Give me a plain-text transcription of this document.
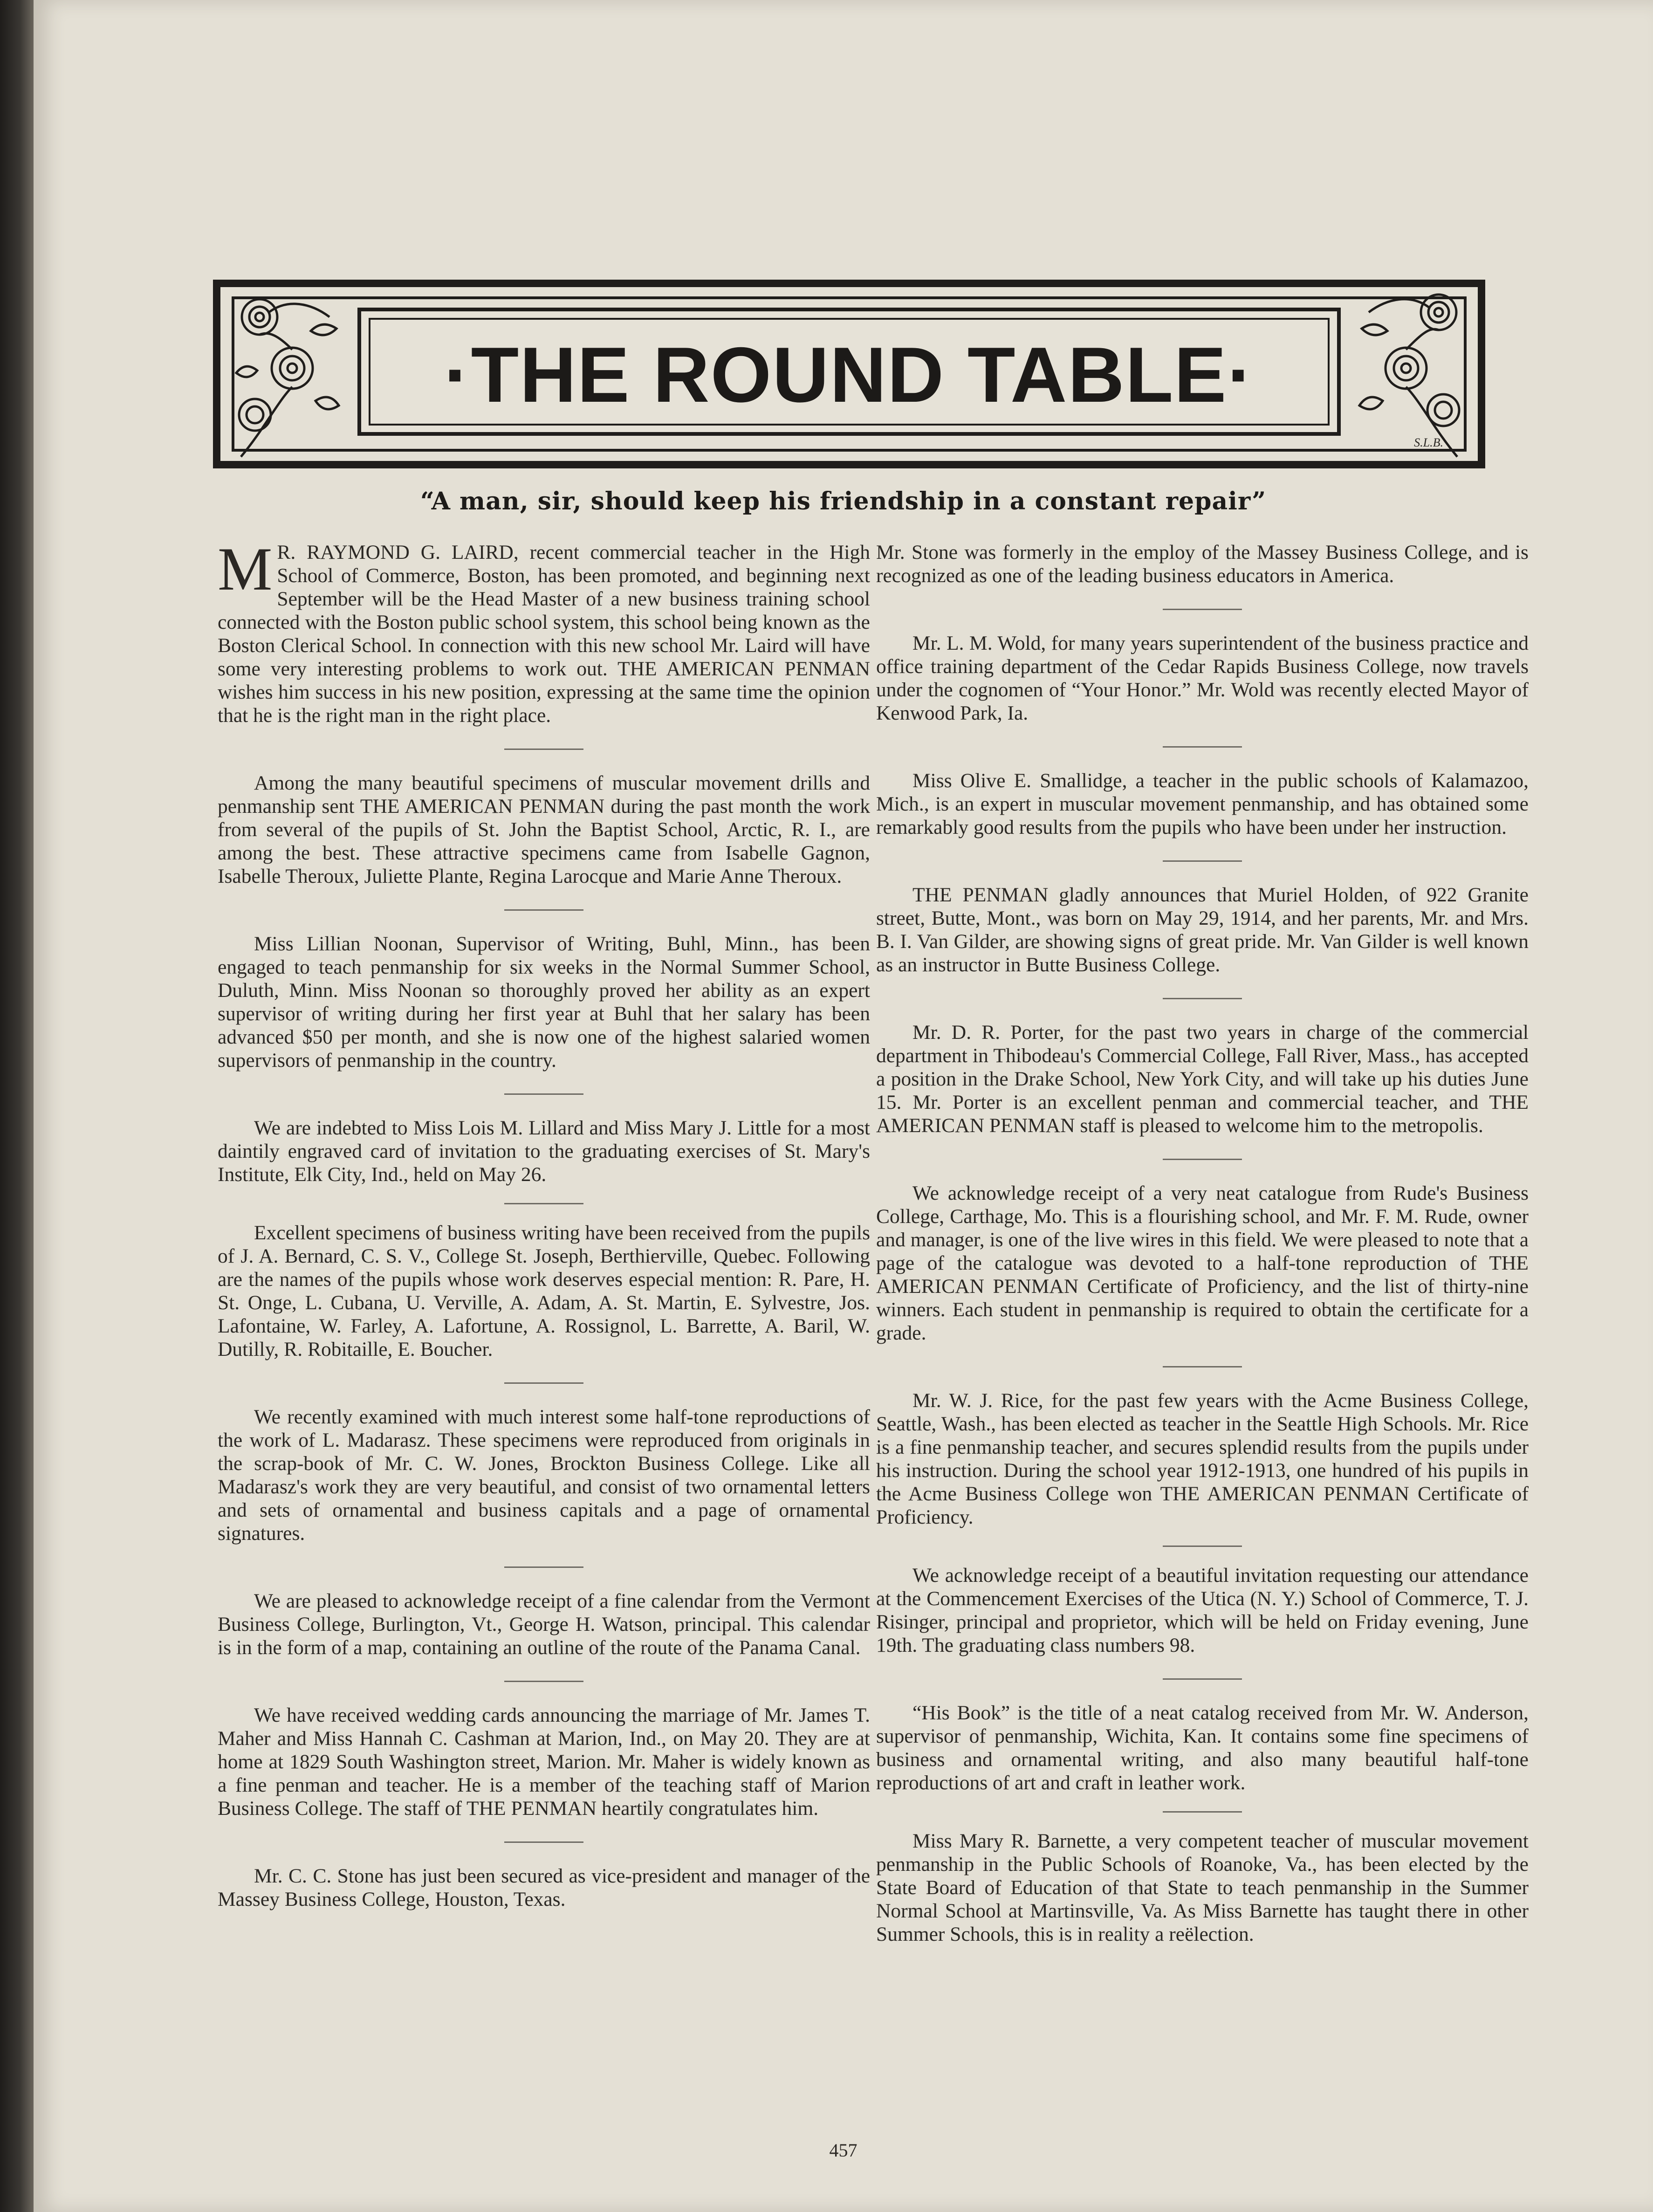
·THE ROUND TABLE·
S.L.B.
“A man, sir, should keep his friendship in a constant repair”

M R. RAYMOND G. LAIRD, recent commercial teacher in the High School of Commerce, Boston, has been promoted, and beginning next September will be the Head Master of a new business training school connected with the Boston public school system, this school being known as the Boston Clerical School. In connection with this new school Mr. Laird will have some very interesting problems to work out. THE AMERICAN PENMAN wishes him success in his new position, expressing at the same time the opinion that he is the right man in the right place.

Among the many beautiful specimens of muscular movement drills and penmanship sent THE AMERICAN PENMAN during the past month the work from several of the pupils of St. John the Baptist School, Arctic, R. I., are among the best. These attractive specimens came from Isabelle Gagnon, Isabelle Theroux, Juliette Plante, Regina Larocque and Marie Anne Theroux.

Miss Lillian Noonan, Supervisor of Writing, Buhl, Minn., has been engaged to teach penmanship for six weeks in the Normal Summer School, Duluth, Minn. Miss Noonan so thoroughly proved her ability as an expert supervisor of writing during her first year at Buhl that her salary has been advanced $50 per month, and she is now one of the highest salaried women supervisors of penmanship in the country.

We are indebted to Miss Lois M. Lillard and Miss Mary J. Little for a most daintily engraved card of invitation to the graduating exercises of St. Mary's Institute, Elk City, Ind., held on May 26.

Excellent specimens of business writing have been received from the pupils of J. A. Bernard, C. S. V., College St. Joseph, Berthierville, Quebec. Following are the names of the pupils whose work deserves especial mention: R. Pare, H. St. Onge, L. Cubana, U. Verville, A. Adam, A. St. Martin, E. Sylvestre, Jos. Lafontaine, W. Farley, A. Lafortune, A. Rossignol, L. Barrette, A. Baril, W. Dutilly, R. Robitaille, E. Boucher.

We recently examined with much interest some half-tone reproductions of the work of L. Madarasz. These specimens were reproduced from originals in the scrap-book of Mr. C. W. Jones, Brockton Business College. Like all Madarasz's work they are very beautiful, and consist of two ornamental letters and sets of ornamental and business capitals and a page of ornamental signatures.

We are pleased to acknowledge receipt of a fine calendar from the Vermont Business College, Burlington, Vt., George H. Watson, principal. This calendar is in the form of a map, containing an outline of the route of the Panama Canal.

We have received wedding cards announcing the marriage of Mr. James T. Maher and Miss Hannah C. Cashman at Marion, Ind., on May 20. They are at home at 1829 South Washington street, Marion. Mr. Maher is widely known as a fine penman and teacher. He is a member of the teaching staff of Marion Business College. The staff of THE PENMAN heartily congratulates him.

Mr. C. C. Stone has just been secured as vice-president and manager of the Massey Business College, Houston, Texas.

Mr. Stone was formerly in the employ of the Massey Business College, and is recognized as one of the leading business educators in America.

Mr. L. M. Wold, for many years superintendent of the business practice and office training department of the Cedar Rapids Business College, now travels under the cognomen of “Your Honor.” Mr. Wold was recently elected Mayor of Kenwood Park, Ia.

Miss Olive E. Smallidge, a teacher in the public schools of Kalamazoo, Mich., is an expert in muscular movement penmanship, and has obtained some remarkably good results from the pupils who have been under her instruction.

THE PENMAN gladly announces that Muriel Holden, of 922 Granite street, Butte, Mont., was born on May 29, 1914, and her parents, Mr. and Mrs. B. I. Van Gilder, are showing signs of great pride. Mr. Van Gilder is well known as an instructor in Butte Business College.

Mr. D. R. Porter, for the past two years in charge of the commercial department in Thibodeau's Commercial College, Fall River, Mass., has accepted a position in the Drake School, New York City, and will take up his duties June 15. Mr. Porter is an excellent penman and commercial teacher, and THE AMERICAN PENMAN staff is pleased to welcome him to the metropolis.

We acknowledge receipt of a very neat catalogue from Rude's Business College, Carthage, Mo. This is a flourishing school, and Mr. F. M. Rude, owner and manager, is one of the live wires in this field. We were pleased to note that a page of the catalogue was devoted to a half-tone reproduction of THE AMERICAN PENMAN Certificate of Proficiency, and the list of thirty-nine winners. Each student in penmanship is required to obtain the certificate for a grade.

Mr. W. J. Rice, for the past few years with the Acme Business College, Seattle, Wash., has been elected as teacher in the Seattle High Schools. Mr. Rice is a fine penmanship teacher, and secures splendid results from the pupils under his instruction. During the school year 1912-1913, one hundred of his pupils in the Acme Business College won THE AMERICAN PENMAN Certificate of Proficiency.

We acknowledge receipt of a beautiful invitation requesting our attendance at the Commencement Exercises of the Utica (N. Y.) School of Commerce, T. J. Risinger, principal and proprietor, which will be held on Friday evening, June 19th. The graduating class numbers 98.

“His Book” is the title of a neat catalog received from Mr. W. Anderson, supervisor of penmanship, Wichita, Kan. It contains some fine specimens of business and ornamental writing, and also many beautiful half-tone reproductions of art and craft in leather work.

Miss Mary R. Barnette, a very competent teacher of muscular movement penmanship in the Public Schools of Roanoke, Va., has been elected by the State Board of Education of that State to teach penmanship in the Summer Normal School at Martinsville, Va. As Miss Barnette has taught there in other Summer Schools, this is in reality a reëlection.

457
